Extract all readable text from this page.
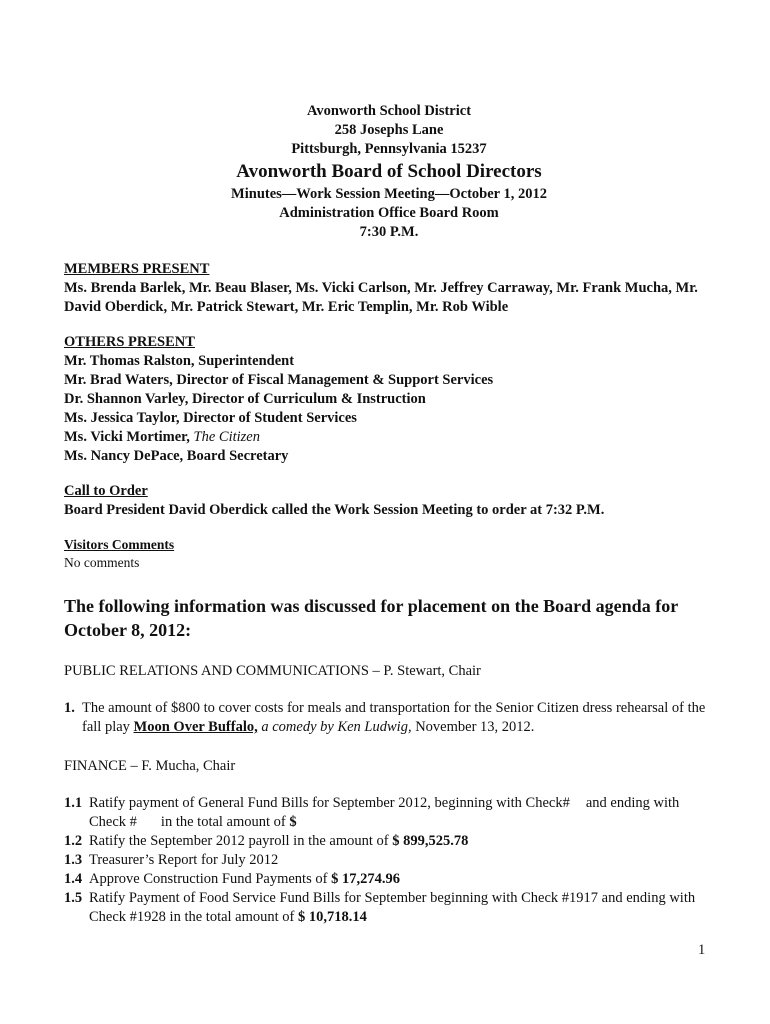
Avonworth School District
258 Josephs Lane
Pittsburgh, Pennsylvania 15237
Avonworth Board of School Directors
Minutes—Work Session Meeting—October 1, 2012
Administration Office Board Room
7:30 P.M.
MEMBERS PRESENT
Ms. Brenda Barlek, Mr. Beau Blaser, Ms. Vicki Carlson, Mr. Jeffrey Carraway, Mr. Frank Mucha, Mr. David Oberdick, Mr. Patrick Stewart, Mr. Eric Templin, Mr. Rob Wible
OTHERS PRESENT
Mr. Thomas Ralston, Superintendent
Mr. Brad Waters, Director of Fiscal Management & Support Services
Dr. Shannon Varley, Director of Curriculum & Instruction
Ms. Jessica Taylor, Director of Student Services
Ms. Vicki Mortimer, The Citizen
Ms. Nancy DePace, Board Secretary
Call to Order
Board President David Oberdick called the Work Session Meeting to order at 7:32 P.M.
Visitors Comments
No comments
The following information was discussed for placement on the Board agenda for October 8, 2012:
PUBLIC RELATIONS AND COMMUNICATIONS – P. Stewart, Chair
1. The amount of $800 to cover costs for meals and transportation for the Senior Citizen dress rehearsal of the fall play Moon Over Buffalo, a comedy by Ken Ludwig, November 13, 2012.
FINANCE – F. Mucha, Chair
1.1 Ratify payment of General Fund Bills for September 2012, beginning with Check# and ending with Check # in the total amount of $
1.2 Ratify the September 2012 payroll in the amount of $ 899,525.78
1.3 Treasurer’s Report for July 2012
1.4 Approve Construction Fund Payments of $ 17,274.96
1.5 Ratify Payment of Food Service Fund Bills for September beginning with Check #1917 and ending with Check #1928 in the total amount of $ 10,718.14
1
